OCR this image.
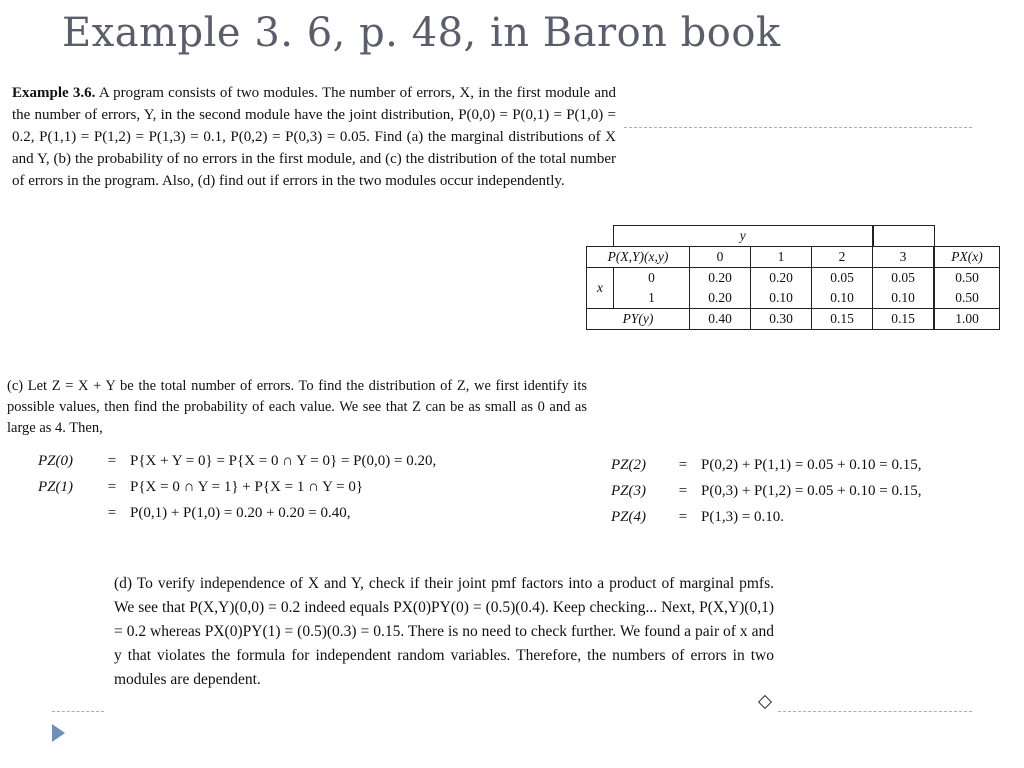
Example 3. 6, p. 48, in Baron book
Example 3.6. A program consists of two modules. The number of errors, X, in the first module and the number of errors, Y, in the second module have the joint distribution, P(0,0) = P(0,1) = P(1,0) = 0.2, P(1,1) = P(1,2) = P(1,3) = 0.1, P(0,2) = P(0,3) = 0.05. Find (a) the marginal distributions of X and Y, (b) the probability of no errors in the first module, and (c) the distribution of the total number of errors in the program. Also, (d) find out if errors in the two modules occur independently.
	y					
P(X,Y)(x,y)		0	1	2	3	PX(x)
x	0	0.20	0.20	0.05	0.05	0.50
	1	0.20	0.10	0.10	0.10	0.50
PY(y)		0.40	0.30	0.15	0.15	1.00
(c) Let Z = X + Y be the total number of errors. To find the distribution of Z, we first identify its possible values, then find the probability of each value. We see that Z can be as small as 0 and as large as 4. Then,
PZ(0)	= P{X + Y = 0} = P{X = 0 ∩ Y = 0} = P(0,0) = 0.20,
PZ(1)	= P{X = 0 ∩ Y = 1} + P{X = 1 ∩ Y = 0}
= P(0,1) + P(1,0) = 0.20 + 0.20 = 0.40,
PZ(2)	= P(0,2) + P(1,1) = 0.05 + 0.10 = 0.15,
PZ(3)	= P(0,3) + P(1,2) = 0.05 + 0.10 = 0.15,
PZ(4)	= P(1,3) = 0.10.
(d) To verify independence of X and Y, check if their joint pmf factors into a product of marginal pmfs. We see that P(X,Y)(0,0) = 0.2 indeed equals PX(0)PY(0) = (0.5)(0.4). Keep checking... Next, P(X,Y)(0,1) = 0.2 whereas PX(0)PY(1) = (0.5)(0.3) = 0.15. There is no need to check further. We found a pair of x and y that violates the formula for independent random variables. Therefore, the numbers of errors in two modules are dependent.
